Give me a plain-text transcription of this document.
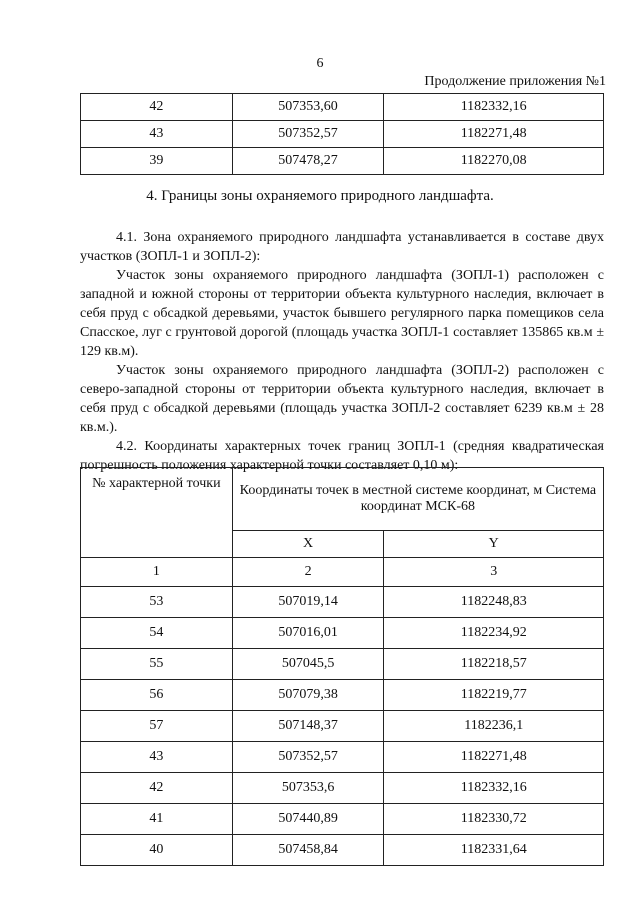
6
Продолжение приложения №1
42	507353,60	1182332,16
43	507352,57	1182271,48
39	507478,27	1182270,08
4. Границы зоны охраняемого природного ландшафта.

4.1. Зона охраняемого природного ландшафта устанавливается в составе двух участков (ЗОПЛ-1 и ЗОПЛ-2):

Участок зоны охраняемого природного ландшафта (ЗОПЛ-1) расположен с западной и южной стороны от территории объекта культурного наследия, включает в себя пруд с обсадкой деревьями, участок бывшего регулярного парка помещиков села Спасское, луг с грунтовой дорогой (площадь участка ЗОПЛ-1 составляет 135865 кв.м ± 129 кв.м).

Участок зоны охраняемого природного ландшафта (ЗОПЛ-2) расположен с северо-западной стороны от территории объекта культурного наследия, включает в себя пруд с обсадкой деревьями (площадь участка ЗОПЛ-2 составляет 6239 кв.м ± 28 кв.м.).

4.2. Координаты характерных точек границ ЗОПЛ-1 (средняя квадратическая погрешность положения характерной точки составляет 0,10 м):

№ характерной точки	Координаты точек в местной системе координат, м Система координат МСК-68	
	X	Y
1	2	3
53	507019,14	1182248,83
54	507016,01	1182234,92
55	507045,5	1182218,57
56	507079,38	1182219,77
57	507148,37	1182236,1
43	507352,57	1182271,48
42	507353,6	1182332,16
41	507440,89	1182330,72
40	507458,84	1182331,64
